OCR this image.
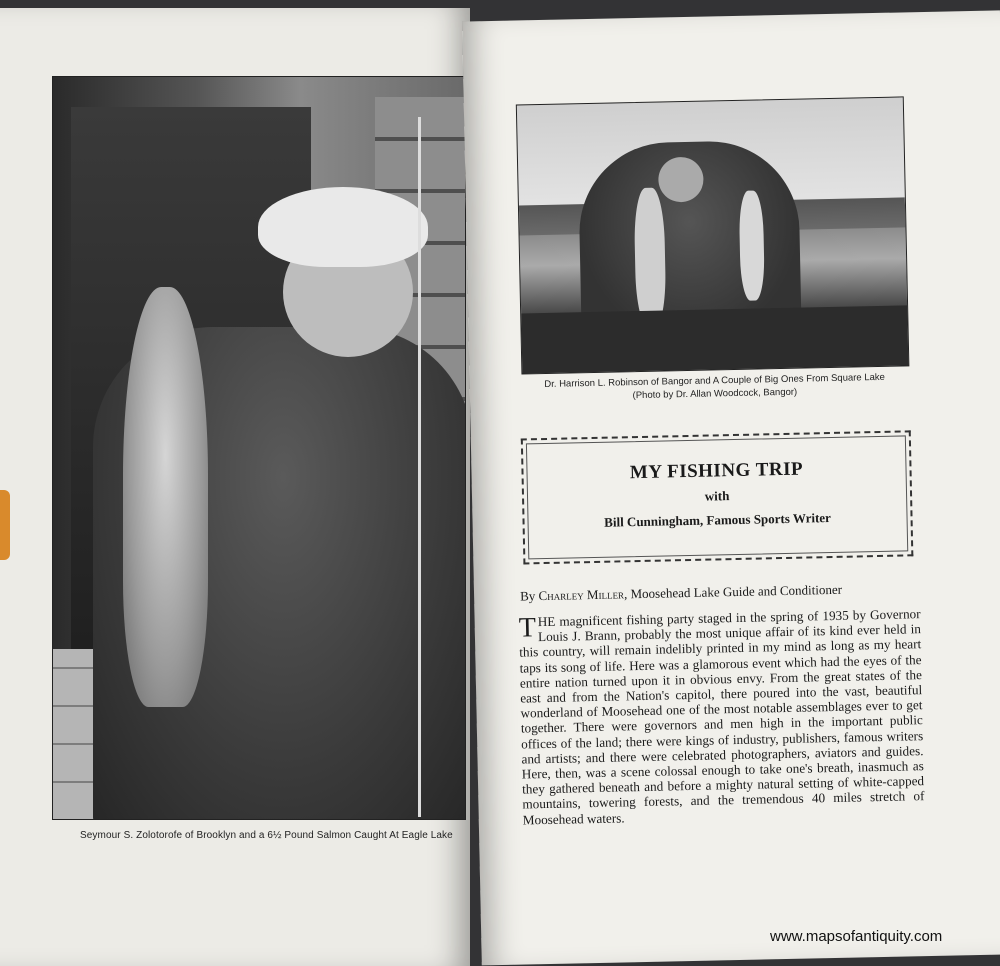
Seymour S. Zolotorofe of Brooklyn and a 6½ Pound Salmon Caught At Eagle Lake
Dr. Harrison L. Robinson of Bangor and A Couple of Big Ones From Square Lake
(Photo by Dr. Allan Woodcock, Bangor)
MY FISHING TRIP
with
Bill Cunningham, Famous Sports Writer
By Charley Miller, Moosehead Lake Guide and Conditioner
THE magnificent fishing party staged in the spring of 1935 by Governor Louis J. Brann, probably the most unique affair of its kind ever held in this country, will remain indelibly printed in my mind as long as my heart taps its song of life. Here was a glamorous event which had the eyes of the entire nation turned upon it in obvious envy. From the great states of the east and from the Nation's capitol, there poured into the vast, beautiful wonderland of Moosehead one of the most notable assemblages ever to get together. There were governors and men high in the important public offices of the land; there were kings of industry, publishers, famous writers and artists; and there were celebrated photographers, aviators and guides. Here, then, was a scene colossal enough to take one's breath, inasmuch as they gathered beneath and before a mighty natural setting of white-capped mountains, towering forests, and the tremendous 40 miles stretch of Moosehead waters.
www.mapsofantiquity.com
